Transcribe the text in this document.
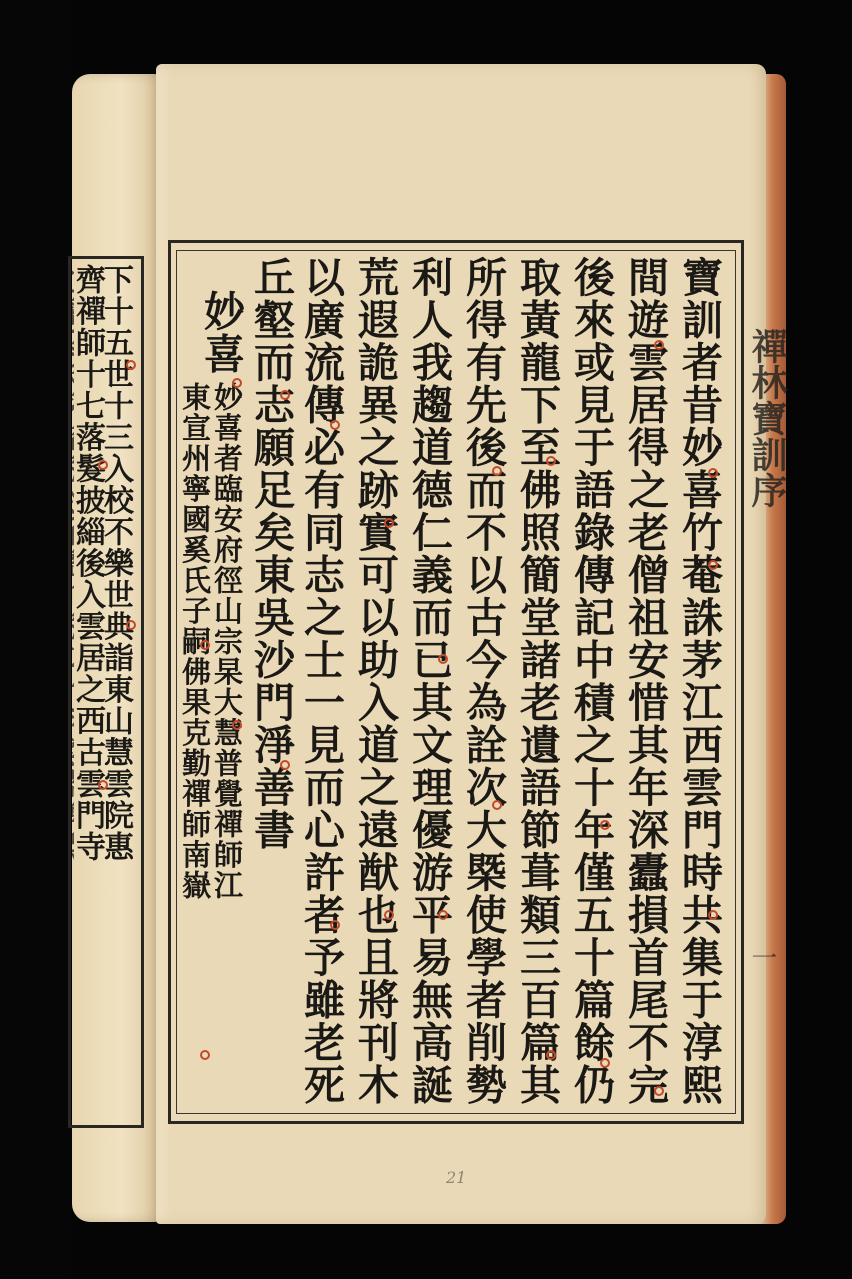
禪林寶訓序
一
21
寶訓者昔妙喜竹菴誅茅江西雲門時共集于淳熙
間遊雲居得之老僧祖安惜其年深蠹損首尾不完
後來或見于語錄傳記中積之十年僅五十篇餘仍
取黃龍下至佛照簡堂諸老遺語節葺類三百篇其
所得有先後而不以古今為詮次大槩使學者削勢
利人我趨道德仁義而已其文理優游平易無高誕
荒遐詭異之跡實可以助入道之遠猷也且將刊木
以廣流傳必有同志之士一見而心許者予雖老死
丘壑而志願足矣東吳沙門淨善書
妙喜
妙喜者臨安府徑山宗杲大慧普覺禪師江
東宣州寧國奚氏子嗣佛果克勤禪師南嶽
下十五世十三入校不樂世典詣東山慧雲院惠
齊禪師十七落髮披緇後入雲居之西古雲門寺
